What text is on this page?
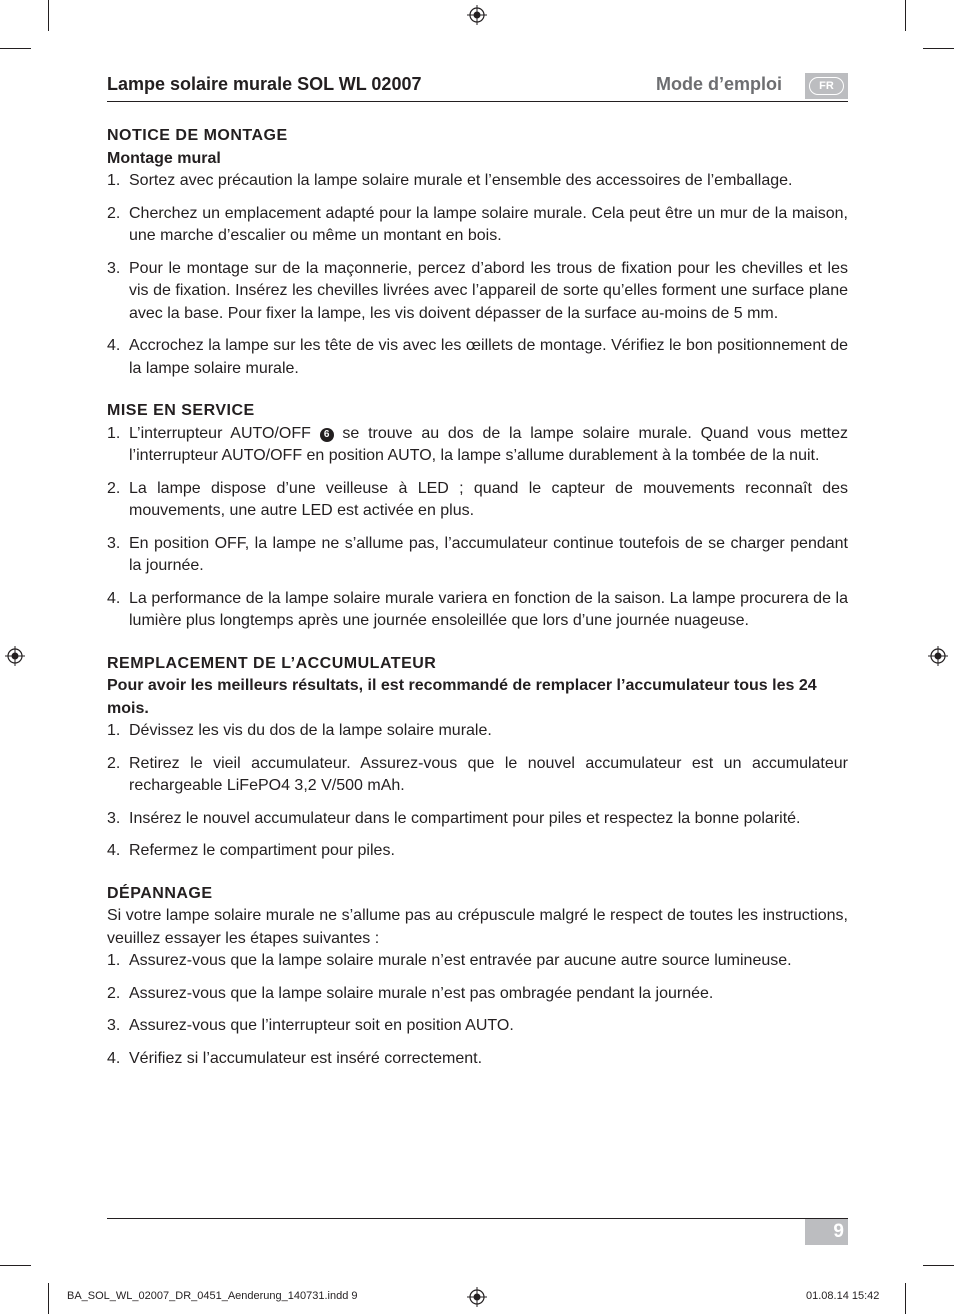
Lampe solaire murale SOL WL 02007	Mode d’emploi	FR
NOTICE DE MONTAGE
Montage mural
1. Sortez avec précaution la lampe solaire murale et l’ensemble des accessoires de l’emballage.
2. Cherchez un emplacement adapté pour la lampe solaire murale. Cela peut être un mur de la maison, une marche d’escalier ou même un montant en bois.
3. Pour le montage sur de la maçonnerie, percez d’abord les trous de fixation pour les chevilles et les vis de fixation. Insérez les chevilles livrées avec l’appareil de sorte qu’elles forment une surface plane avec la base. Pour fixer la lampe, les vis doivent dépasser de la surface au-moins de 5 mm.
4. Accrochez la lampe sur les tête de vis avec les œillets de montage. Vérifiez le bon positionnement de la lampe solaire murale.
MISE EN SERVICE
1. L’interrupteur AUTO/OFF 6 se trouve au dos de la lampe solaire murale. Quand vous mettez l’interrupteur AUTO/OFF en position AUTO, la lampe s’allume durablement à la tombée de la nuit.
2. La lampe dispose d’une veilleuse à LED ; quand le capteur de mouvements reconnaît des mouvements, une autre LED est activée en plus.
3. En position OFF, la lampe ne s’allume pas, l’accumulateur continue toutefois de se charger pendant la journée.
4. La performance de la lampe solaire murale variera en fonction de la saison. La lampe procurera de la lumière plus longtemps après une journée ensoleillée que lors d’une journée nuageuse.
REMPLACEMENT DE L’ACCUMULATEUR
Pour avoir les meilleurs résultats, il est recommandé de remplacer l’accumulateur tous les 24 mois.
1. Dévissez les vis du dos de la lampe solaire murale.
2. Retirez le vieil accumulateur. Assurez-vous que le nouvel accumulateur est un accumulateur rechargeable LiFePO4 3,2 V/500 mAh.
3. Insérez le nouvel accumulateur dans le compartiment pour piles et respectez la bonne polarité.
4. Refermez le compartiment pour piles.
DÉPANNAGE
Si votre lampe solaire murale ne s’allume pas au crépuscule malgré le respect de toutes les instructions, veuillez essayer les étapes suivantes :
1. Assurez-vous que la lampe solaire murale n’est entravée par aucune autre source lumineuse.
2. Assurez-vous que la lampe solaire murale n’est pas ombragée pendant la journée.
3. Assurez-vous que l’interrupteur soit en position AUTO.
4. Vérifiez si l’accumulateur est inséré correctement.
9
BA_SOL_WL_02007_DR_0451_Aenderung_140731.indd 9	01.08.14 15:42
